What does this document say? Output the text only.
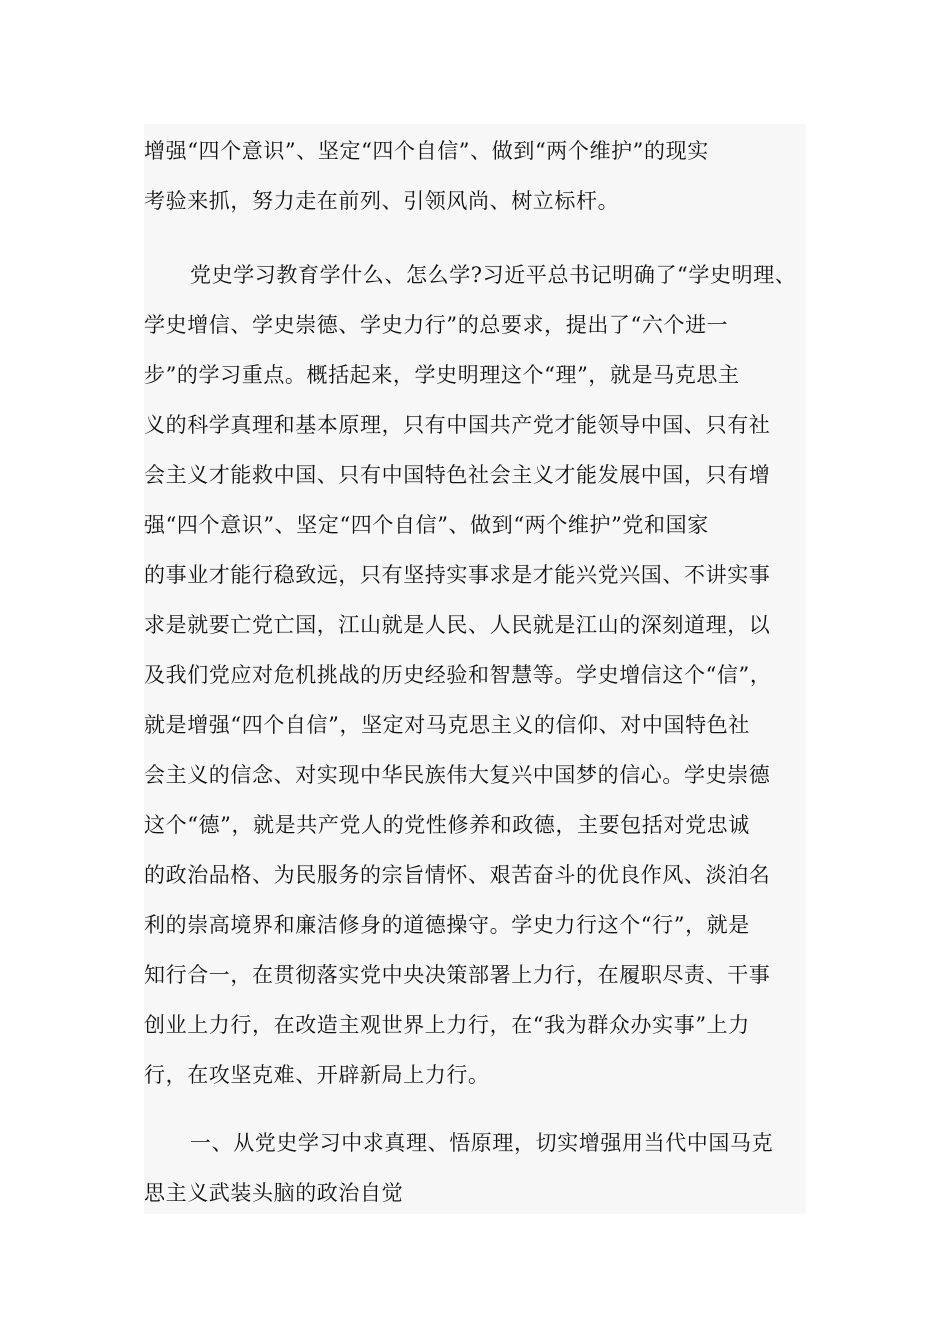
增强“四个意识”、坚定“四个自信”、做到“两个维护”的现实
考验来抓，努力走在前列、引领风尚、树立标杆。
党史学习教育学什么、怎么学?习近平总书记明确了“学史明理、
学史增信、学史崇德、学史力行”的总要求，提出了“六个进一
步”的学习重点。概括起来，学史明理这个“理”，就是马克思主
义的科学真理和基本原理，只有中国共产党才能领导中国、只有社
会主义才能救中国、只有中国特色社会主义才能发展中国，只有增
强“四个意识”、坚定“四个自信”、做到“两个维护”党和国家
的事业才能行稳致远，只有坚持实事求是才能兴党兴国、不讲实事
求是就要亡党亡国，江山就是人民、人民就是江山的深刻道理，以
及我们党应对危机挑战的历史经验和智慧等。学史增信这个“信”，
就是增强“四个自信”，坚定对马克思主义的信仰、对中国特色社
会主义的信念、对实现中华民族伟大复兴中国梦的信心。学史崇德
这个“德”，就是共产党人的党性修养和政德，主要包括对党忠诚
的政治品格、为民服务的宗旨情怀、艰苦奋斗的优良作风、淡泊名
利的崇高境界和廉洁修身的道德操守。学史力行这个“行”，就是
知行合一，在贯彻落实党中央决策部署上力行，在履职尽责、干事
创业上力行，在改造主观世界上力行，在“我为群众办实事”上力
行，在攻坚克难、开辟新局上力行。
一、从党史学习中求真理、悟原理，切实增强用当代中国马克
思主义武装头脑的政治自觉
